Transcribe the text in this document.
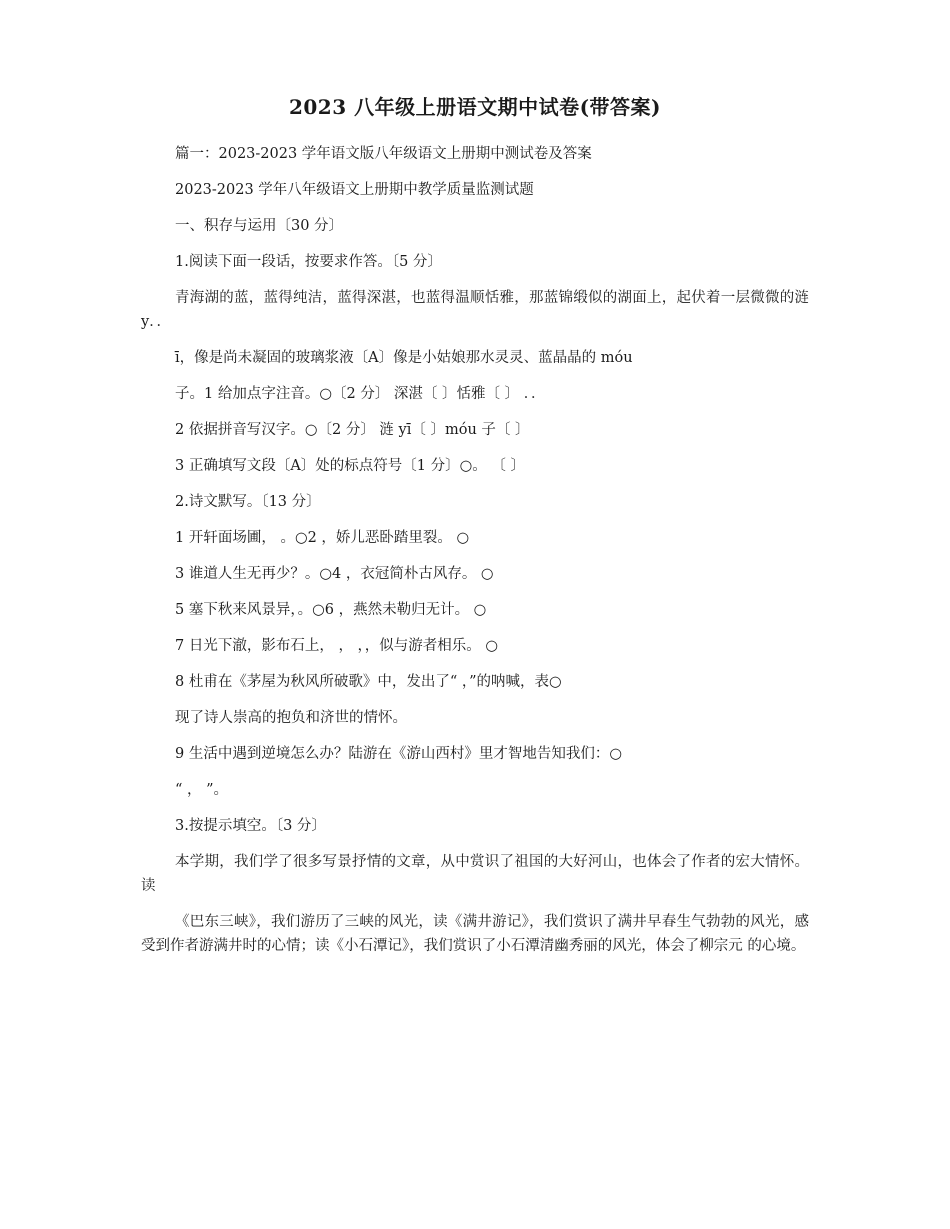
2023 八年级上册语文期中试卷(带答案)

篇一：2023-2023 学年语文版八年级语文上册期中测试卷及答案

2023-2023 学年八年级语文上册期中教学质量监测试题

一、积存与运用〔30 分〕

1.阅读下面一段话，按要求作答。〔5 分〕

青海湖的蓝，蓝得纯洁，蓝得深湛，也蓝得温顺恬雅，那蓝锦缎似的湖面上，起伏着一层微微的涟 y．．

ī，像是尚未凝固的玻璃浆液〔A〕像是小姑娘那水灵灵、蓝晶晶的 móu

子。1 给加点字注音。○〔2 分〕 深湛〔 〕恬雅〔 〕 ．．

2 依据拼音写汉字。○〔2 分〕 涟 yī〔 〕móu 子〔 〕

3 正确填写文段〔A〕处的标点符号〔1 分〕○。 〔 〕

2.诗文默写。〔13 分〕

1 开轩面场圃， 。○2 ，娇儿恶卧踏里裂。 ○

3 谁道人生无再少？。○4 ，衣冠简朴古风存。 ○

5 塞下秋来风景异，。○6 ，燕然未勒归无计。 ○

7 日光下澈，影布石上， ， ，，似与游者相乐。 ○

8 杜甫在《茅屋为秋风所破歌》中，发出了“ ，”的呐喊，表○

现了诗人崇高的抱负和济世的情怀。

9 生活中遇到逆境怎么办？陆游在《游山西村》里才智地告知我们：○

“ ， ”。

3.按提示填空。〔3 分〕

本学期，我们学了很多写景抒情的文章，从中赏识了祖国的大好河山，也体会了作者的宏大情怀。读

《巴东三峡》，我们游历了三峡的风光，读《满井游记》，我们赏识了满井早春生气勃勃的风光，感受到作者游满井时的心情；读《小石潭记》，我们赏识了小石潭清幽秀丽的风光，体会了柳宗元 的心境。
